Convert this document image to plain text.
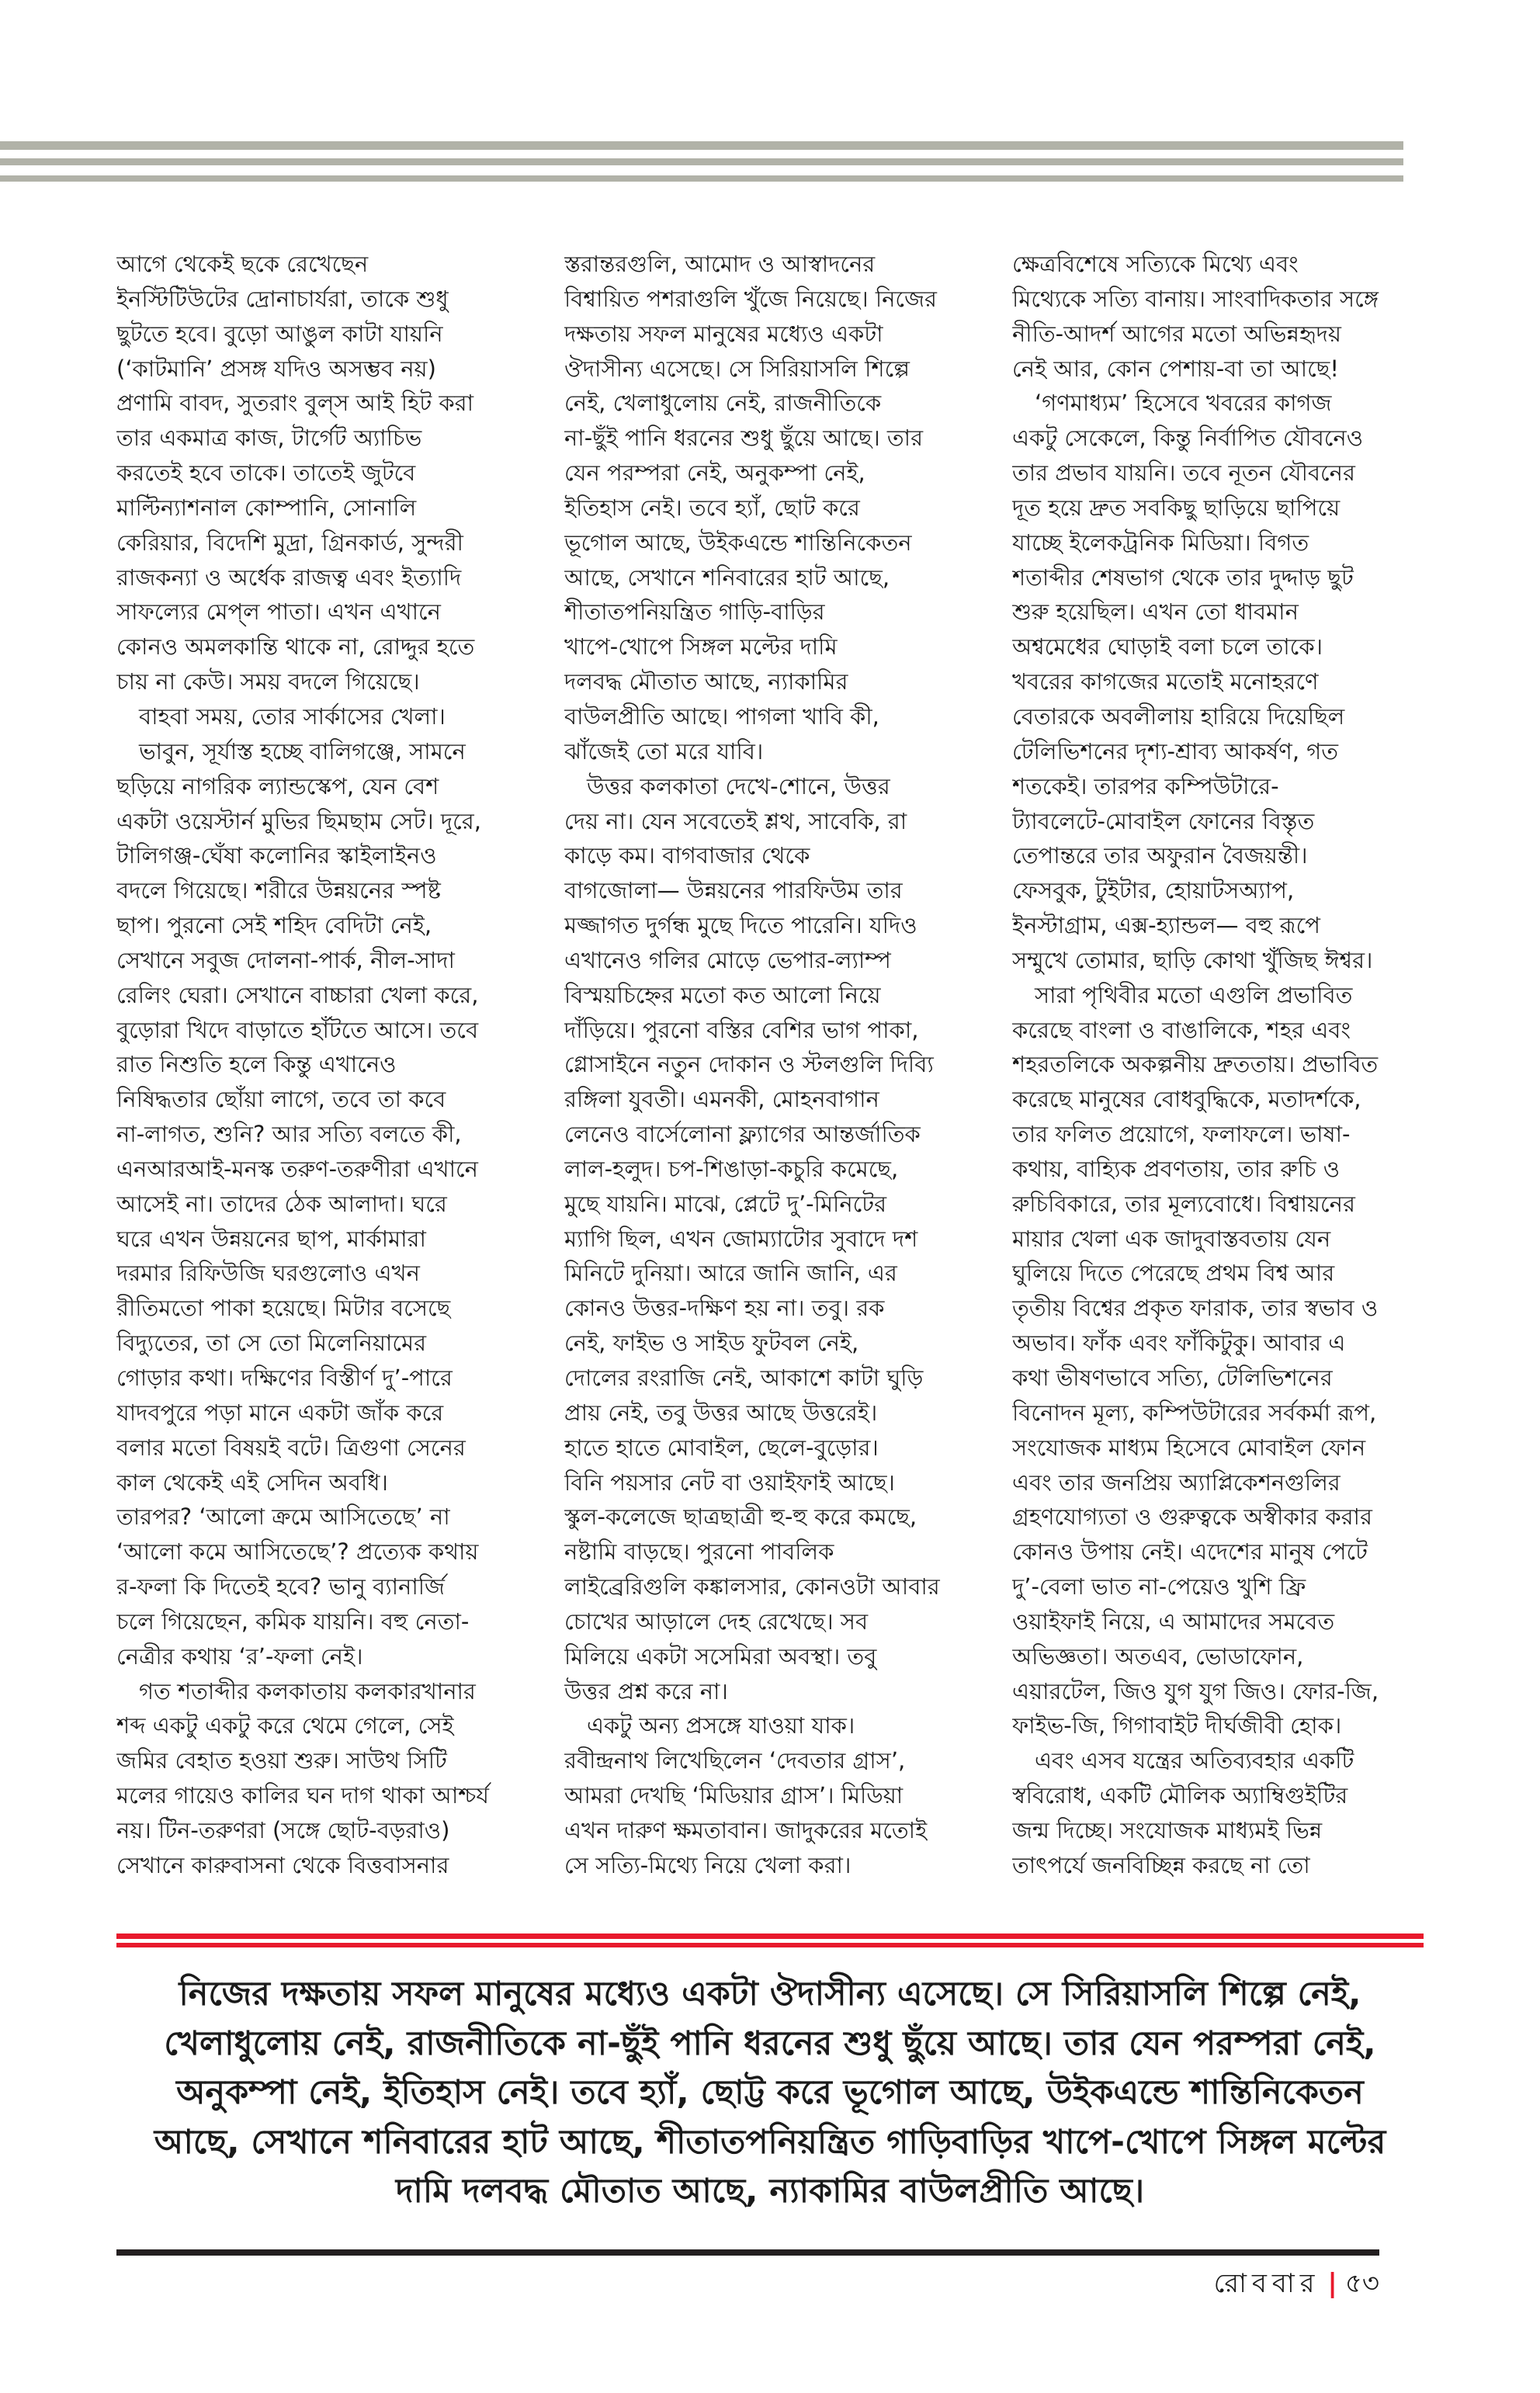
আগে থেকেই ছকে রেখেছেন
ইনস্টিটিউটের দ্রোনাচার্যরা, তাকে শুধু
ছুটতে হবে। বুড়ো আঙুল কাটা যায়নি
(‘কাটমানি’ প্রসঙ্গ যদিও অসম্ভব নয়)
প্রণামি বাবদ, সুতরাং বুল্‌স আই হিট করা
তার একমাত্র কাজ, টার্গেট অ্যাচিভ
করতেই হবে তাকে। তাতেই জুটবে
মাল্টিন্যাশনাল কোম্পানি, সোনালি
কেরিয়ার, বিদেশি মুদ্রা, গ্রিনকার্ড, সুন্দরী
রাজকন্যা ও অর্ধেক রাজত্ব এবং ইত্যাদি
সাফল্যের মেপ্‌ল পাতা। এখন এখানে
কোনও অমলকান্তি থাকে না, রোদ্দুর হতে
চায় না কেউ। সময় বদলে গিয়েছে।
 বাহবা সময়, তোর সার্কাসের খেলা।
 ভাবুন, সূর্যাস্ত হচ্ছে বালিগঞ্জে, সামনে
ছড়িয়ে নাগরিক ল্যান্ডস্কেপ, যেন বেশ
একটা ওয়েস্টার্ন মুভির ছিমছাম সেট। দূরে,
টালিগঞ্জ-ঘেঁষা কলোনির স্কাইলাইনও
বদলে গিয়েছে। শরীরে উন্নয়নের স্পষ্ট
ছাপ। পুরনো সেই শহিদ বেদিটা নেই,
সেখানে সবুজ দোলনা-পার্ক, নীল-সাদা
রেলিং ঘেরা। সেখানে বাচ্চারা খেলা করে,
বুড়োরা খিদে বাড়াতে হাঁটতে আসে। তবে
রাত নিশুতি হলে কিন্তু এখানেও
নিষিদ্ধতার ছোঁয়া লাগে, তবে তা কবে
না-লাগত, শুনি? আর সত্যি বলতে কী,
এনআরআই-মনস্ক তরুণ-তরুণীরা এখানে
আসেই না। তাদের ঠেক আলাদা। ঘরে
ঘরে এখন উন্নয়নের ছাপ, মার্কামারা
দরমার রিফিউজি ঘরগুলোও এখন
রীতিমতো পাকা হয়েছে। মিটার বসেছে
বিদ্যুতের, তা সে তো মিলেনিয়ামের
গোড়ার কথা। দক্ষিণের বিস্তীর্ণ দু’-পারে
যাদবপুরে পড়া মানে একটা জাঁক করে
বলার মতো বিষয়ই বটে। ত্রিগুণা সেনের
কাল থেকেই এই সেদিন অবধি।
তারপর? ‘আলো ক্রমে আসিতেছে’ না
‘আলো কমে আসিতেছে’? প্রত্যেক কথায়
র-ফলা কি দিতেই হবে? ভানু ব্যানার্জি
চলে গিয়েছেন, কমিক যায়নি। বহু নেতা-
নেত্রীর কথায় ‘র’-ফলা নেই।
 গত শতাব্দীর কলকাতায় কলকারখানার
শব্দ একটু একটু করে থেমে গেলে, সেই
জমির বেহাত হওয়া শুরু। সাউথ সিটি
মলের গায়েও কালির ঘন দাগ থাকা আশ্চর্য
নয়। টিন-তরুণরা (সঙ্গে ছোট-বড়রাও)
সেখানে কারুবাসনা থেকে বিত্তবাসনার
স্তরান্তরগুলি, আমোদ ও আস্বাদনের
বিশ্বায়িত পশরাগুলি খুঁজে নিয়েছে। নিজের
দক্ষতায় সফল মানুষের মধ্যেও একটা
ঔদাসীন্য এসেছে। সে সিরিয়াসলি শিল্পে
নেই, খেলাধুলোয় নেই, রাজনীতিকে
না-ছুঁই পানি ধরনের শুধু ছুঁয়ে আছে। তার
যেন পরম্পরা নেই, অনুকম্পা নেই,
ইতিহাস নেই। তবে হ্যাঁ, ছোট করে
ভূগোল আছে, উইকএন্ডে শান্তিনিকেতন
আছে, সেখানে শনিবারের হাট আছে,
শীতাতপনিয়ন্ত্রিত গাড়ি-বাড়ির
খাপে-খোপে সিঙ্গল মল্টের দামি
দলবদ্ধ মৌতাত আছে, ন্যাকামির
বাউলপ্রীতি আছে। পাগলা খাবি কী,
ঝাঁজেই তো মরে যাবি।
 উত্তর কলকাতা দেখে-শোনে, উত্তর
দেয় না। যেন সবেতেই শ্লথ, সাবেকি, রা
কাড়ে কম। বাগবাজার থেকে
বাগজোলা— উন্নয়নের পারফিউম তার
মজ্জাগত দুর্গন্ধ মুছে দিতে পারেনি। যদিও
এখানেও গলির মোড়ে ভেপার-ল্যাম্প
বিস্ময়চিহ্নের মতো কত আলো নিয়ে
দাঁড়িয়ে। পুরনো বস্তির বেশির ভাগ পাকা,
গ্লোসাইনে নতুন দোকান ও স্টলগুলি দিব্যি
রঙ্গিলা যুবতী। এমনকী, মোহনবাগান
লেনেও বার্সেলোনা ফ্ল্যাগের আন্তর্জাতিক
লাল-হলুদ। চপ-শিঙাড়া-কচুরি কমেছে,
মুছে যায়নি। মাঝে, প্লেটে দু’-মিনিটের
ম্যাগি ছিল, এখন জোম্যাটোর সুবাদে দশ
মিনিটে দুনিয়া। আরে জানি জানি, এর
কোনও উত্তর-দক্ষিণ হয় না। তবু। রক
নেই, ফাইভ ও সাইড ফুটবল নেই,
দোলের রংরাজি নেই, আকাশে কাটা ঘুড়ি
প্রায় নেই, তবু উত্তর আছে উত্তরেই।
হাতে হাতে মোবাইল, ছেলে-বুড়োর।
বিনি পয়সার নেট বা ওয়াইফাই আছে।
স্কুল-কলেজে ছাত্রছাত্রী হু-হু করে কমছে,
নষ্টামি বাড়ছে। পুরনো পাবলিক
লাইব্রেরিগুলি কঙ্কালসার, কোনওটা আবার
চোখের আড়ালে দেহ রেখেছে। সব
মিলিয়ে একটা সসেমিরা অবস্থা। তবু
উত্তর প্রশ্ন করে না।
 একটু অন্য প্রসঙ্গে যাওয়া যাক।
রবীন্দ্রনাথ লিখেছিলেন ‘দেবতার গ্রাস’,
আমরা দেখছি ‘মিডিয়ার গ্রাস’। মিডিয়া
এখন দারুণ ক্ষমতাবান। জাদুকরের মতোই
সে সত্যি-মিথ্যে নিয়ে খেলা করা।
ক্ষেত্রবিশেষে সত্যিকে মিথ্যে এবং
মিথ্যেকে সত্যি বানায়। সাংবাদিকতার সঙ্গে
নীতি-আদর্শ আগের মতো অভিন্নহৃদয়
নেই আর, কোন পেশায়-বা তা আছে!
 ‘গণমাধ্যম’ হিসেবে খবরের কাগজ
একটু সেকেলে, কিন্তু নির্বাপিত যৌবনেও
তার প্রভাব যায়নি। তবে নূতন যৌবনের
দূত হয়ে দ্রুত সবকিছু ছাড়িয়ে ছাপিয়ে
যাচ্ছে ইলেকট্রনিক মিডিয়া। বিগত
শতাব্দীর শেষভাগ থেকে তার দুদ্দাড় ছুট
শুরু হয়েছিল। এখন তো ধাবমান
অশ্বমেধের ঘোড়াই বলা চলে তাকে।
খবরের কাগজের মতোই মনোহরণে
বেতারকে অবলীলায় হারিয়ে দিয়েছিল
টেলিভিশনের দৃশ্য-শ্রাব্য আকর্ষণ, গত
শতকেই। তারপর কম্পিউটারে-
ট্যাবলেটে-মোবাইল ফোনের বিস্তৃত
তেপান্তরে তার অফুরান বৈজয়ন্তী।
ফেসবুক, টুইটার, হোয়াটসঅ্যাপ,
ইনস্টাগ্রাম, এক্স-হ্যান্ডল— বহু রূপে
সম্মুখে তোমার, ছাড়ি কোথা খুঁজিছ ঈশ্বর।
 সারা পৃথিবীর মতো এগুলি প্রভাবিত
করেছে বাংলা ও বাঙালিকে, শহর এবং
শহরতলিকে অকল্পনীয় দ্রুততায়। প্রভাবিত
করেছে মানুষের বোধবুদ্ধিকে, মতাদর্শকে,
তার ফলিত প্রয়োগে, ফলাফলে। ভাষা-
কথায়, বাহ্যিক প্রবণতায়, তার রুচি ও
রুচিবিকারে, তার মূল্যবোধে। বিশ্বায়নের
মায়ার খেলা এক জাদুবাস্তবতায় যেন
ঘুলিয়ে দিতে পেরেছে প্রথম বিশ্ব আর
তৃতীয় বিশ্বের প্রকৃত ফারাক, তার স্বভাব ও
অভাব। ফাঁক এবং ফাঁকিটুকু। আবার এ
কথা ভীষণভাবে সত্যি, টেলিভিশনের
বিনোদন মূল্য, কম্পিউটারের সর্বকর্মা রূপ,
সংযোজক মাধ্যম হিসেবে মোবাইল ফোন
এবং তার জনপ্রিয় অ্যাপ্লিকেশনগুলির
গ্রহণযোগ্যতা ও গুরুত্বকে অস্বীকার করার
কোনও উপায় নেই। এদেশের মানুষ পেটে
দু’-বেলা ভাত না-পেয়েও খুশি ফ্রি
ওয়াইফাই নিয়ে, এ আমাদের সমবেত
অভিজ্ঞতা। অতএব, ভোডাফোন,
এয়ারটেল, জিও যুগ যুগ জিও। ফোর-জি,
ফাইভ-জি, গিগাবাইট দীর্ঘজীবী হোক।
 এবং এসব যন্ত্রের অতিব্যবহার একটি
স্ববিরোধ, একটি মৌলিক অ্যাম্বিগুইটির
জন্ম দিচ্ছে। সংযোজক মাধ্যমই ভিন্ন
তাৎপর্যে জনবিচ্ছিন্ন করছে না তো
নিজের দক্ষতায় সফল মানুষের মধ্যেও একটা ঔদাসীন্য এসেছে। সে সিরিয়াসলি শিল্পে নেই,
খেলাধুলোয় নেই, রাজনীতিকে না-ছুঁই পানি ধরনের শুধু ছুঁয়ে আছে। তার যেন পরম্পরা নেই,
অনুকম্পা নেই, ইতিহাস নেই। তবে হ্যাঁ, ছোট্ট করে ভূগোল আছে, উইকএন্ডে শান্তিনিকেতন
আছে, সেখানে শনিবারের হাট আছে, শীতাতপনিয়ন্ত্রিত গাড়িবাড়ির খাপে-খোপে সিঙ্গল মল্টের
দামি দলবদ্ধ মৌতাত আছে, ন্যাকামির বাউলপ্রীতি আছে।
রোববার | ৫৩
